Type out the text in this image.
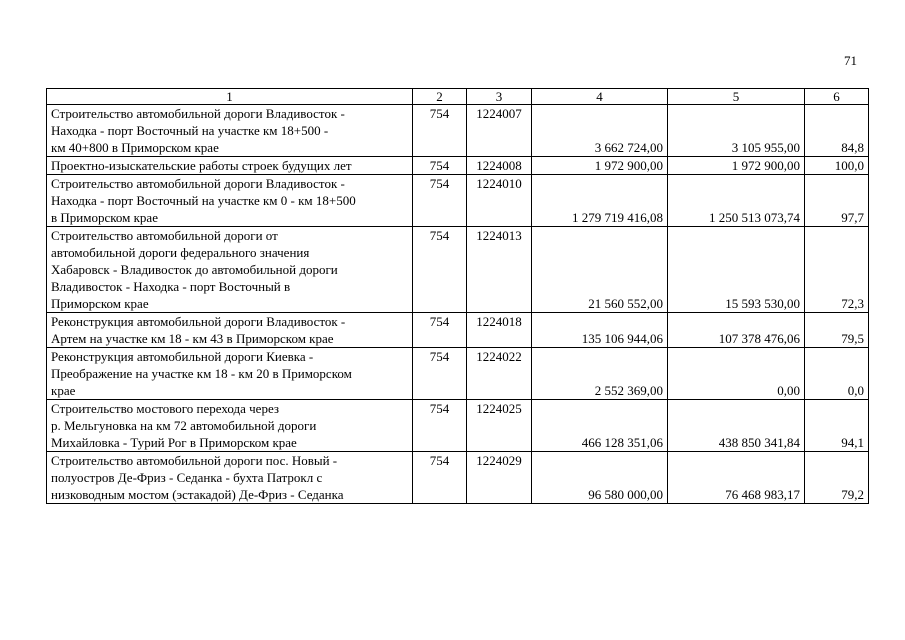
71
1	2	3	4	5	6
Строительство автомобильной дороги Владивосток -
Находка - порт Восточный на участке км 18+500 -
км 40+800 в Приморском крае	754	1224007	3 662 724,00	3 105 955,00	84,8
Проектно-изыскательские работы строек будущих лет	754	1224008	1 972 900,00	1 972 900,00	100,0
Строительство автомобильной дороги Владивосток -
Находка - порт Восточный на участке км 0 - км 18+500
в Приморском крае	754	1224010	1 279 719 416,08	1 250 513 073,74	97,7
Строительство автомобильной дороги от
автомобильной дороги федерального значения
Хабаровск - Владивосток до автомобильной дороги
Владивосток - Находка - порт Восточный в
Приморском крае	754	1224013	21 560 552,00	15 593 530,00	72,3
Реконструкция автомобильной дороги Владивосток -
Артем на участке км 18 - км 43 в Приморском крае	754	1224018	135 106 944,06	107 378 476,06	79,5
Реконструкция автомобильной дороги Киевка -
Преображение на участке км 18 - км 20 в Приморском
крае	754	1224022	2 552 369,00	0,00	0,0
Строительство мостового перехода через
р. Мельгуновка на км 72 автомобильной дороги
Михайловка - Турий Рог в Приморском крае	754	1224025	466 128 351,06	438 850 341,84	94,1
Строительство автомобильной дороги пос. Новый -
полуостров Де-Фриз - Седанка - бухта Патрокл с
низководным мостом (эстакадой) Де-Фриз - Седанка	754	1224029	96 580 000,00	76 468 983,17	79,2
